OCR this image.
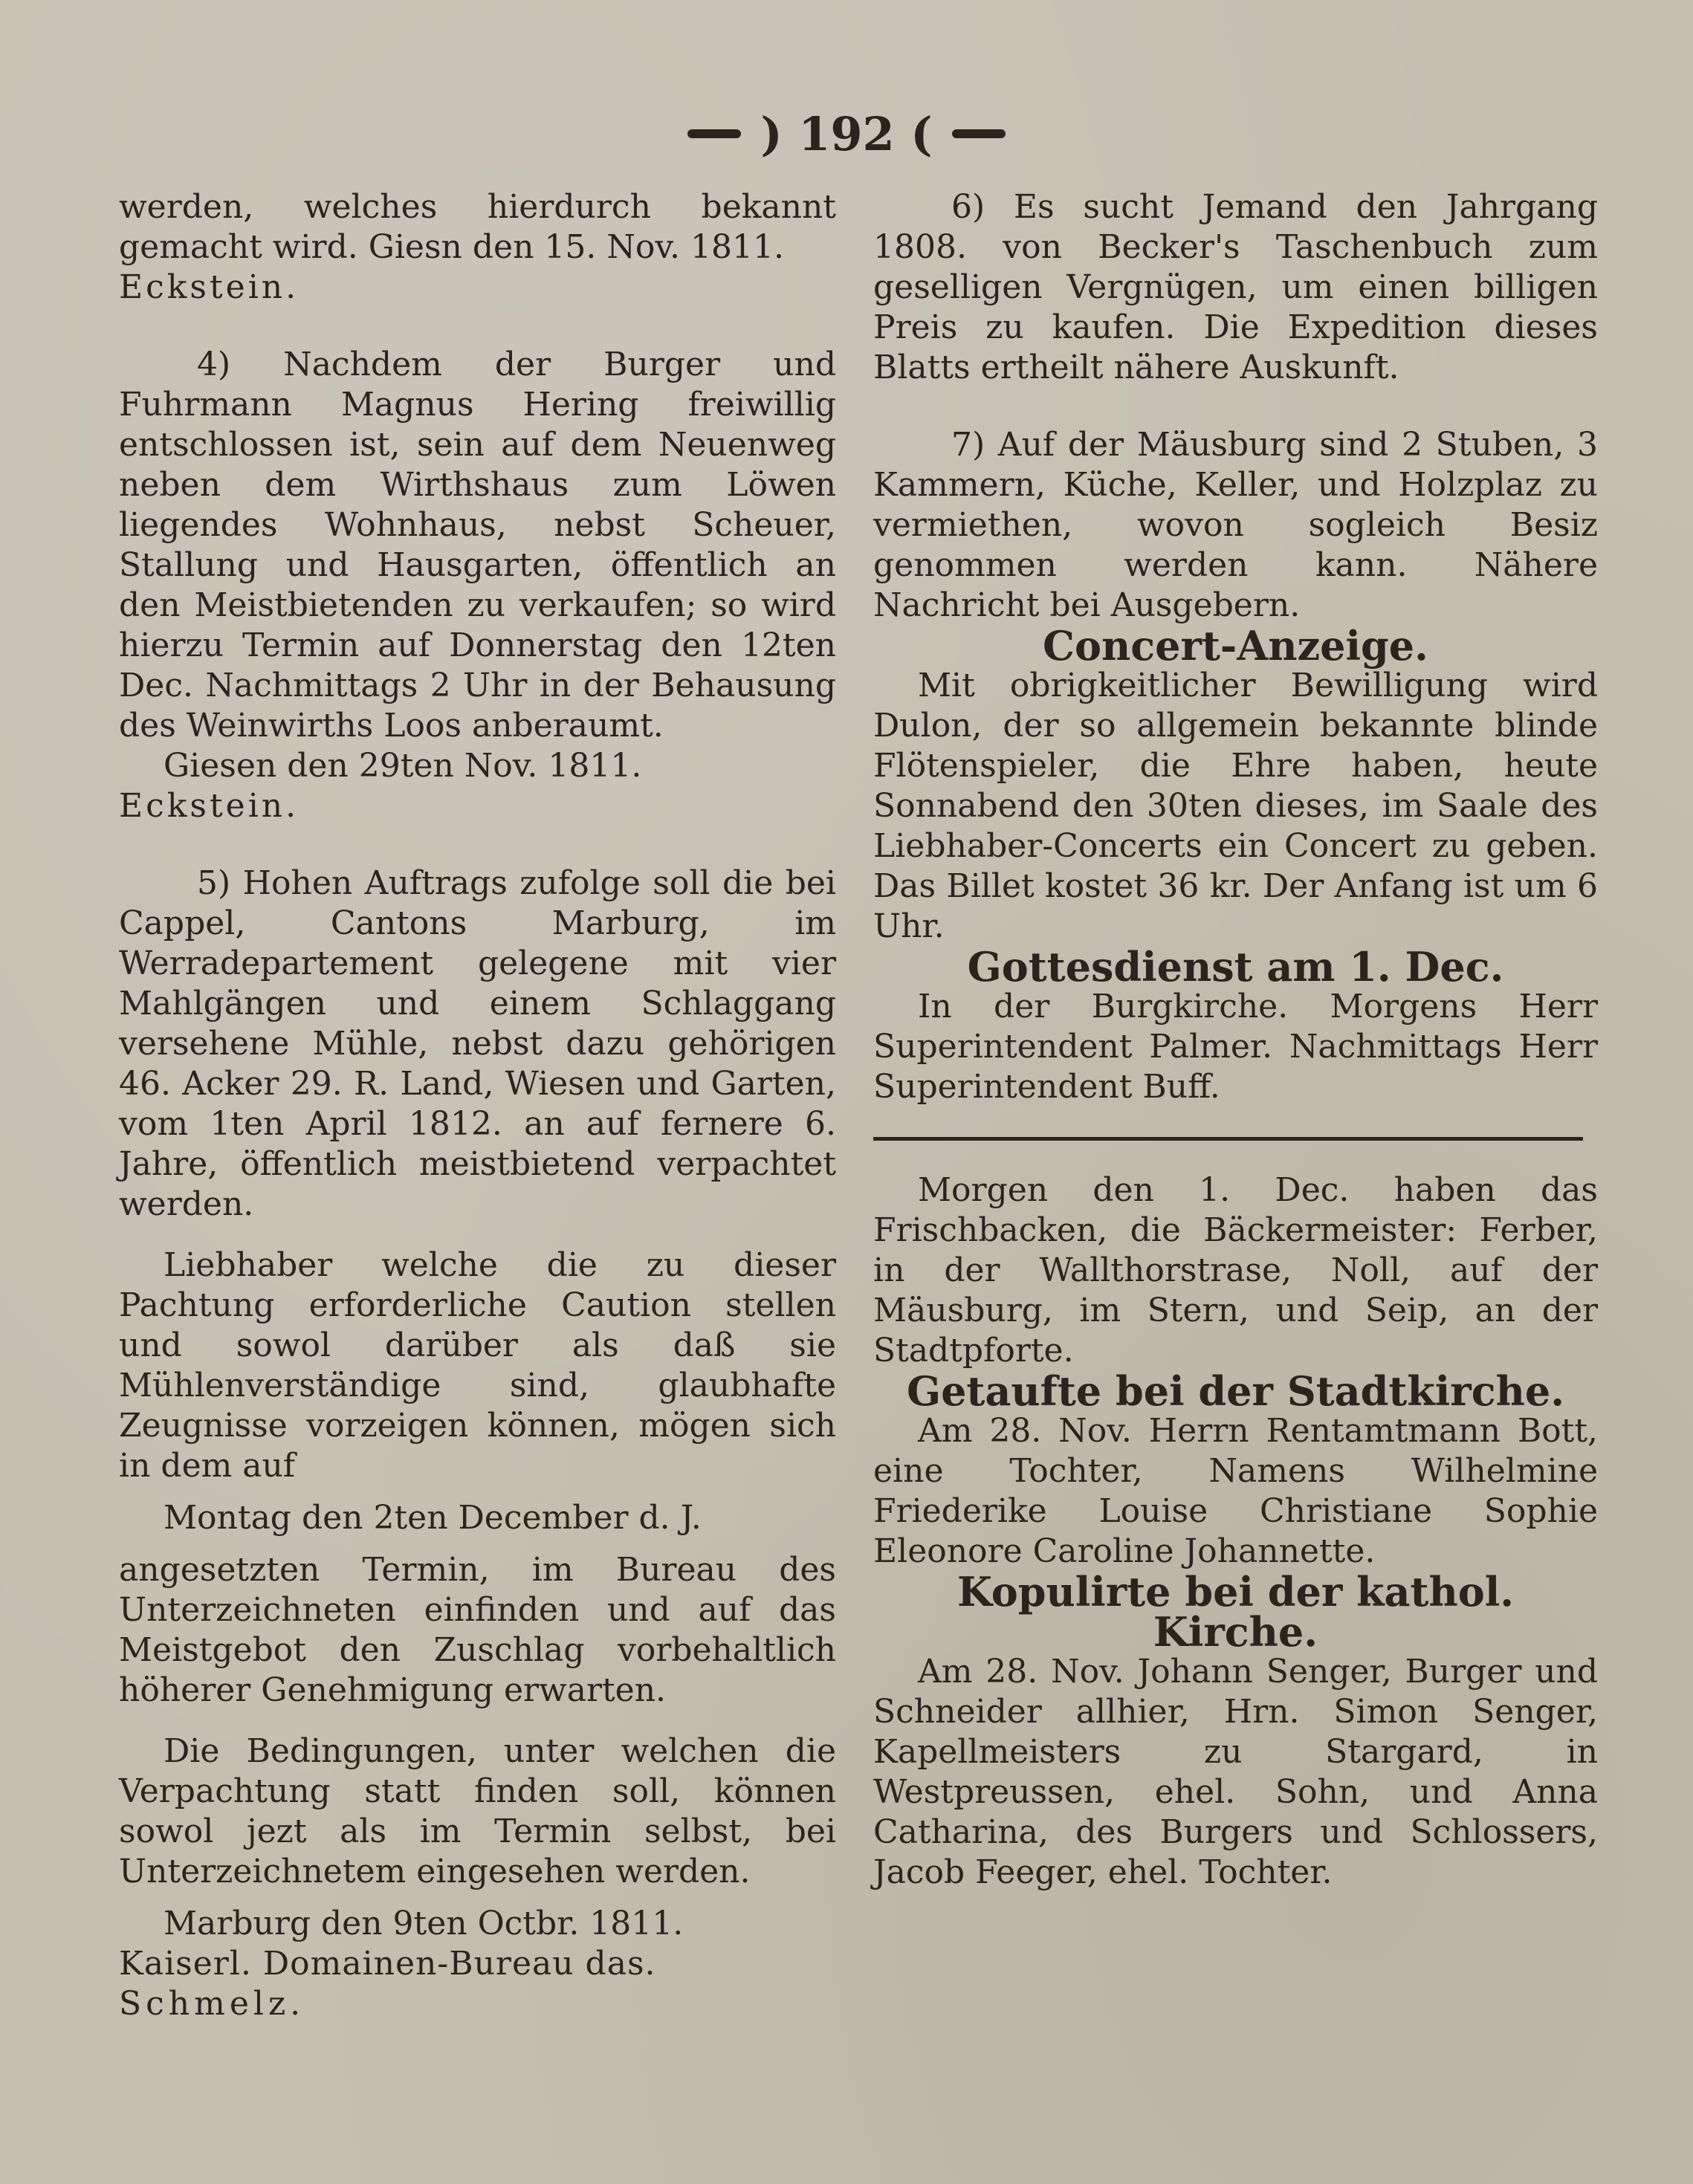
) 192 (

werden, welches hierdurch bekannt gemacht wird. Giesn den 15. Nov. 1811.

Eckstein.

4) Nachdem der Burger und Fuhrmann Magnus Hering freiwillig entschlossen ist, sein auf dem Neuenweg neben dem Wirthshaus zum Löwen liegendes Wohnhaus, nebst Scheuer, Stallung und Hausgarten, öffentlich an den Meistbietenden zu verkaufen; so wird hierzu Termin auf Donnerstag den 12ten Dec. Nachmittags 2 Uhr in der Behausung des Weinwirths Loos anberaumt.

Giesen den 29ten Nov. 1811.

Eckstein.

5) Hohen Auftrags zufolge soll die bei Cappel, Cantons Marburg, im Werradepartement gelegene mit vier Mahlgängen und einem Schlaggang versehene Mühle, nebst dazu gehörigen 46. Acker 29. R. Land, Wiesen und Garten, vom 1ten April 1812. an auf fernere 6. Jahre, öffentlich meistbietend verpachtet werden.

Liebhaber welche die zu dieser Pachtung erforderliche Caution stellen und sowol darüber als daß sie Mühlenverständige sind, glaubhafte Zeugnisse vorzeigen können, mögen sich in dem auf

Montag den 2ten December d. J.

angesetzten Termin, im Bureau des Unterzeichneten einfinden und auf das Meistgebot den Zuschlag vorbehaltlich höherer Genehmigung erwarten.

Die Bedingungen, unter welchen die Verpachtung statt finden soll, können sowol jezt als im Termin selbst, bei Unterzeichnetem eingesehen werden.

Marburg den 9ten Octbr. 1811.

Kaiserl. Domainen-Bureau das.

Schmelz.

6) Es sucht Jemand den Jahrgang 1808. von Becker's Taschenbuch zum geselligen Vergnügen, um einen billigen Preis zu kaufen. Die Expedition dieses Blatts ertheilt nähere Auskunft.

7) Auf der Mäusburg sind 2 Stuben, 3 Kammern, Küche, Keller, und Holzplaz zu vermiethen, wovon sogleich Besiz genommen werden kann. Nähere Nachricht bei Ausgebern.

Concert-Anzeige.

Mit obrigkeitlicher Bewilligung wird Dulon, der so allgemein bekannte blinde Flötenspieler, die Ehre haben, heute Sonnabend den 30ten dieses, im Saale des Liebhaber-Concerts ein Concert zu geben. Das Billet kostet 36 kr. Der Anfang ist um 6 Uhr.

Gottesdienst am 1. Dec.

In der Burgkirche. Morgens Herr Superintendent Palmer. Nachmittags Herr Superintendent Buff.

Morgen den 1. Dec. haben das Frischbacken, die Bäckermeister: Ferber, in der Wallthorstrase, Noll, auf der Mäusburg, im Stern, und Seip, an der Stadtpforte.

Getaufte bei der Stadtkirche.

Am 28. Nov. Herrn Rentamtmann Bott, eine Tochter, Namens Wilhelmine Friederike Louise Christiane Sophie Eleonore Caroline Johannette.

Kopulirte bei der kathol. Kirche.

Am 28. Nov. Johann Senger, Burger und Schneider allhier, Hrn. Simon Senger, Kapellmeisters zu Stargard, in Westpreussen, ehel. Sohn, und Anna Catharina, des Burgers und Schlossers, Jacob Feeger, ehel. Tochter.
